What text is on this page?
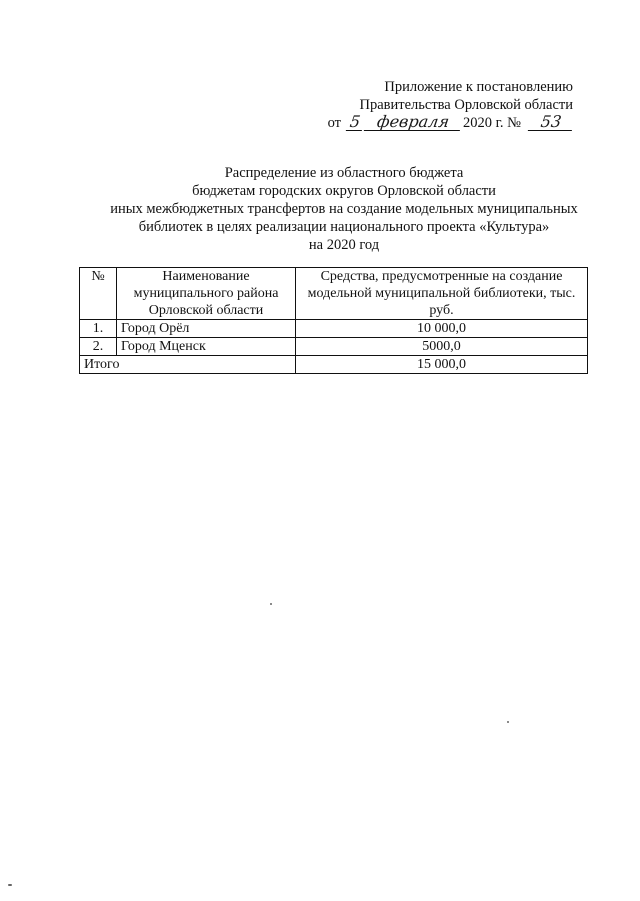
Приложение к постановлению
Правительства Орловской области
от 5 февраля 2020 г. № 53
Распределение из областного бюджета
бюджетам городских округов Орловской области
иных межбюджетных трансфертов на создание модельных муниципальных
библиотек в целях реализации национального проекта «Культура»
на 2020 год
№	Наименование муниципального района Орловской области	Средства, предусмотренные на создание модельной муниципальной библиотеки, тыс. руб.
1.	Город Орёл	10 000,0
2.	Город Мценск	5000,0
Итого		15 000,0
